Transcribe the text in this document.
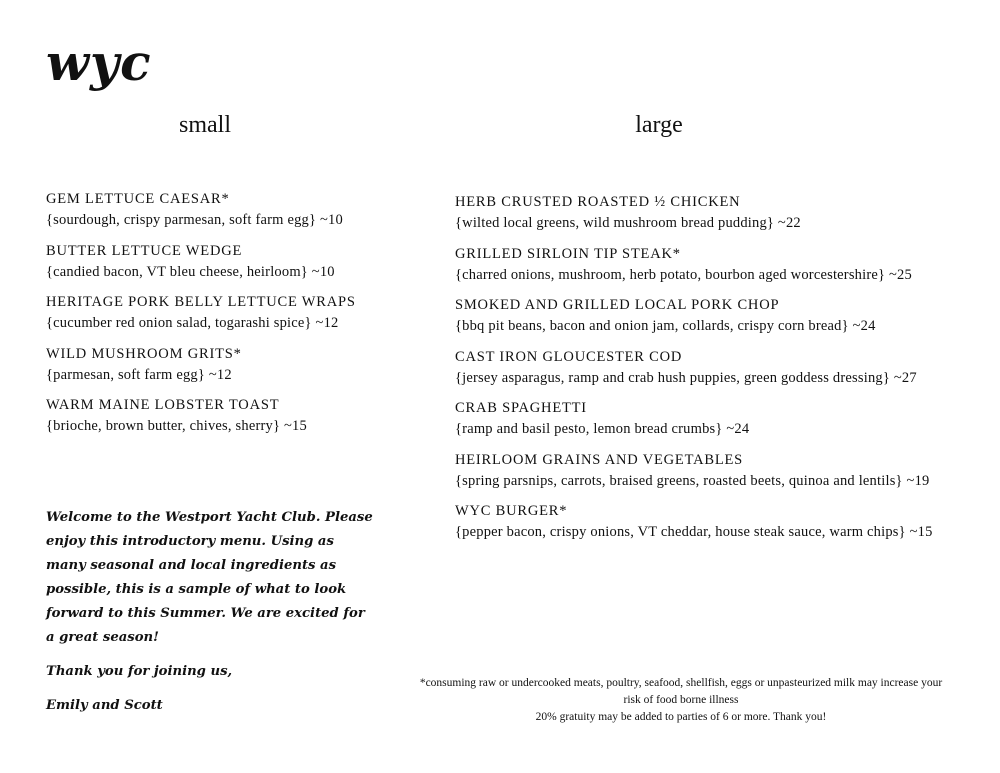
wyc
small	large
GEM LETTUCE CAESAR*
{sourdough, crispy parmesan, soft farm egg} ~10
BUTTER LETTUCE WEDGE
{candied bacon, VT bleu cheese, heirloom} ~10
HERITAGE PORK BELLY LETTUCE WRAPS
{cucumber red onion salad, togarashi spice} ~12
WILD MUSHROOM GRITS*
{parmesan, soft farm egg} ~12
WARM MAINE LOBSTER TOAST
{brioche, brown butter, chives, sherry} ~15
HERB CRUSTED ROASTED ½ CHICKEN
{wilted local greens, wild mushroom bread pudding} ~22
GRILLED SIRLOIN TIP STEAK*
{charred onions, mushroom, herb potato, bourbon aged worcestershire} ~25
SMOKED AND GRILLED LOCAL PORK CHOP
{bbq pit beans, bacon and onion jam, collards, crispy corn bread} ~24
CAST IRON GLOUCESTER COD
{jersey asparagus, ramp and crab hush puppies, green goddess dressing} ~27
CRAB SPAGHETTI
{ramp and basil pesto, lemon bread crumbs} ~24
HEIRLOOM GRAINS AND VEGETABLES
{spring parsnips, carrots, braised greens, roasted beets, quinoa and lentils} ~19
WYC BURGER*
{pepper bacon, crispy onions, VT cheddar, house steak sauce, warm chips} ~15

Welcome to the Westport Yacht Club. Please enjoy this introductory menu. Using as many seasonal and local ingredients as possible, this is a sample of what to look forward to this Summer. We are excited for a great season!

Thank you for joining us,

Emily and Scott

*consuming raw or undercooked meats, poultry, seafood, shellfish, eggs or unpasteurized milk may increase your risk of food borne illness

20% gratuity may be added to parties of 6 or more. Thank you!
